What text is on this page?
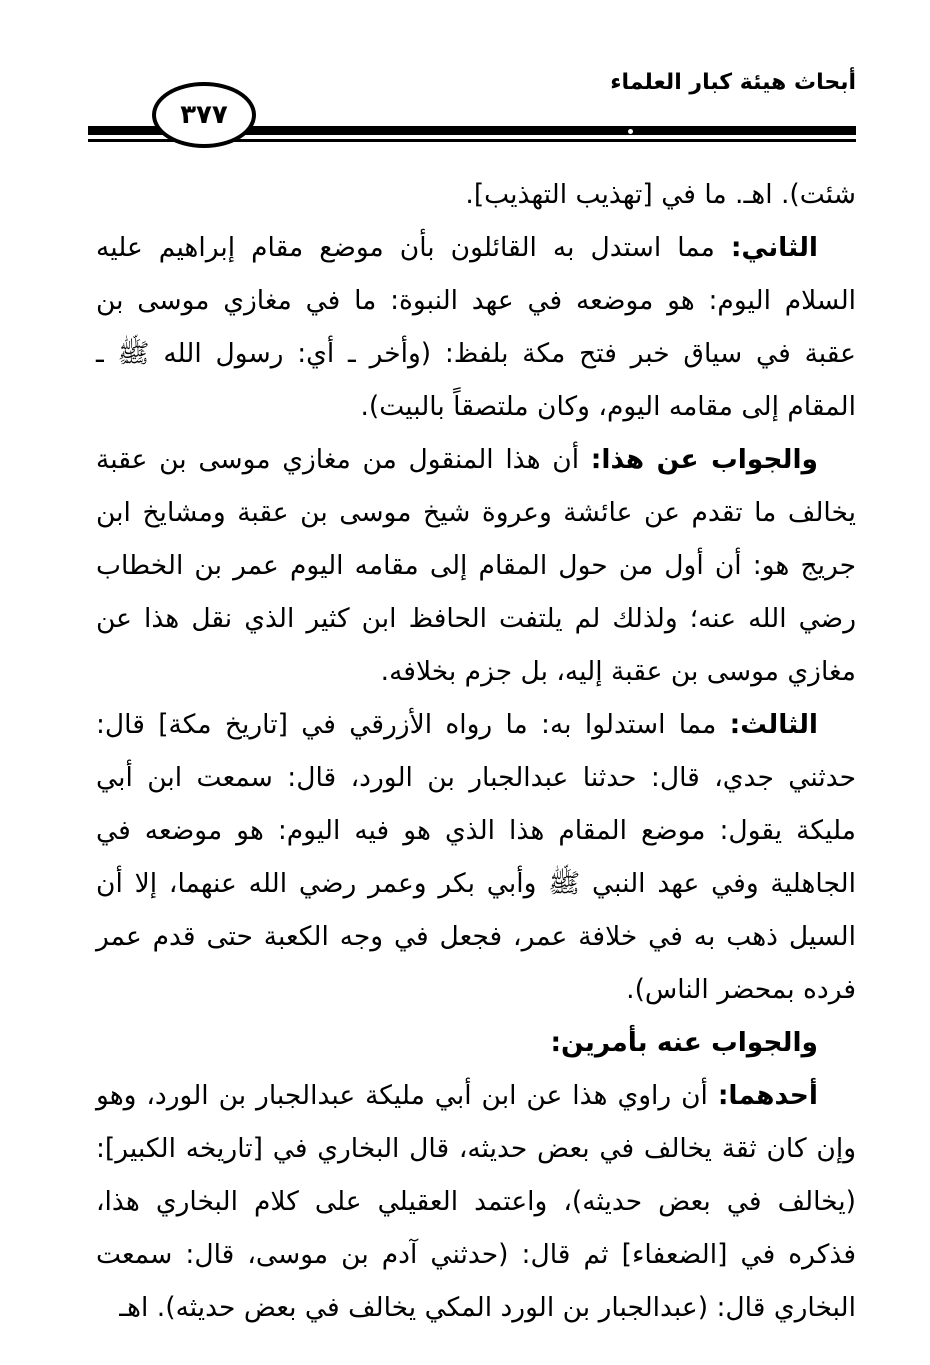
أبحاث هيئة كبار العلماء
٣٧٧

شئت). اهـ. ما في [تهذيب التهذيب].

الثاني: مما استدل به القائلون بأن موضع مقام إبراهيم عليه السلام اليوم: هو موضعه في عهد النبوة: ما في مغازي موسى بن عقبة في سياق خبر فتح مكة بلفظ: (وأخر ـ أي: رسول الله ﷺ ـ المقام إلى مقامه اليوم، وكان ملتصقاً بالبيت).

والجواب عن هذا: أن هذا المنقول من مغازي موسى بن عقبة يخالف ما تقدم عن عائشة وعروة شيخ موسى بن عقبة ومشايخ ابن جريج هو: أن أول من حول المقام إلى مقامه اليوم عمر بن الخطاب رضي الله عنه؛ ولذلك لم يلتفت الحافظ ابن كثير الذي نقل هذا عن مغازي موسى بن عقبة إليه، بل جزم بخلافه.

الثالث: مما استدلوا به: ما رواه الأزرقي في [تاريخ مكة] قال: حدثني جدي، قال: حدثنا عبدالجبار بن الورد، قال: سمعت ابن أبي مليكة يقول: موضع المقام هذا الذي هو فيه اليوم: هو موضعه في الجاهلية وفي عهد النبي ﷺ وأبي بكر وعمر رضي الله عنهما، إلا أن السيل ذهب به في خلافة عمر، فجعل في وجه الكعبة حتى قدم عمر فرده بمحضر الناس).

والجواب عنه بأمرين:

أحدهما: أن راوي هذا عن ابن أبي مليكة عبدالجبار بن الورد، وهو وإن كان ثقة يخالف في بعض حديثه، قال البخاري في [تاريخه الكبير]: (يخالف في بعض حديثه)، واعتمد العقيلي على كلام البخاري هذا، فذكره في [الضعفاء] ثم قال: (حدثني آدم بن موسى، قال: سمعت البخاري قال: (عبدالجبار بن الورد المكي يخالف في بعض حديثه). اهـ
